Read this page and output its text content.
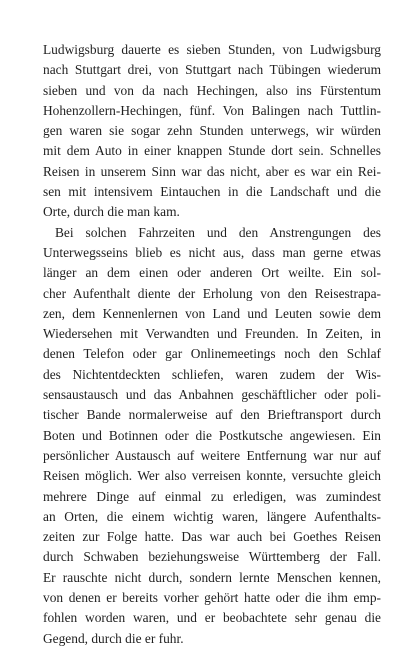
Ludwigsburg dauerte es sieben Stunden, von Ludwigsburg
nach Stuttgart drei, von Stuttgart nach Tübingen wiederum
sieben und von da nach Hechingen, also ins Fürstentum
Hohenzollern-Hechingen, fünf. Von Balingen nach Tuttlin-
gen waren sie sogar zehn Stunden unterwegs, wir würden
mit dem Auto in einer knappen Stunde dort sein. Schnelles
Reisen in unserem Sinn war das nicht, aber es war ein Rei-
sen mit intensivem Eintauchen in die Landschaft und die
Orte, durch die man kam.
Bei solchen Fahrzeiten und den Anstrengungen des
Unterwegsseins blieb es nicht aus, dass man gerne etwas
länger an dem einen oder anderen Ort weilte. Ein sol-
cher Aufenthalt diente der Erholung von den Reisestrapa-
zen, dem Kennenlernen von Land und Leuten sowie dem
Wiedersehen mit Verwandten und Freunden. In Zeiten, in
denen Telefon oder gar Onlinemeetings noch den Schlaf
des Nichtentdeckten schliefen, waren zudem der Wis-
sensaustausch und das Anbahnen geschäftlicher oder poli-
tischer Bande normalerweise auf den Brieftransport durch
Boten und Botinnen oder die Postkutsche angewiesen. Ein
persönlicher Austausch auf weitere Entfernung war nur auf
Reisen möglich. Wer also verreisen konnte, versuchte gleich
mehrere Dinge auf einmal zu erledigen, was zumindest
an Orten, die einem wichtig waren, längere Aufenthalts-
zeiten zur Folge hatte. Das war auch bei Goethes Reisen
durch Schwaben beziehungsweise Württemberg der Fall.
Er rauschte nicht durch, sondern lernte Menschen kennen,
von denen er bereits vorher gehört hatte oder die ihm emp-
fohlen worden waren, und er beobachtete sehr genau die
Gegend, durch die er fuhr.
